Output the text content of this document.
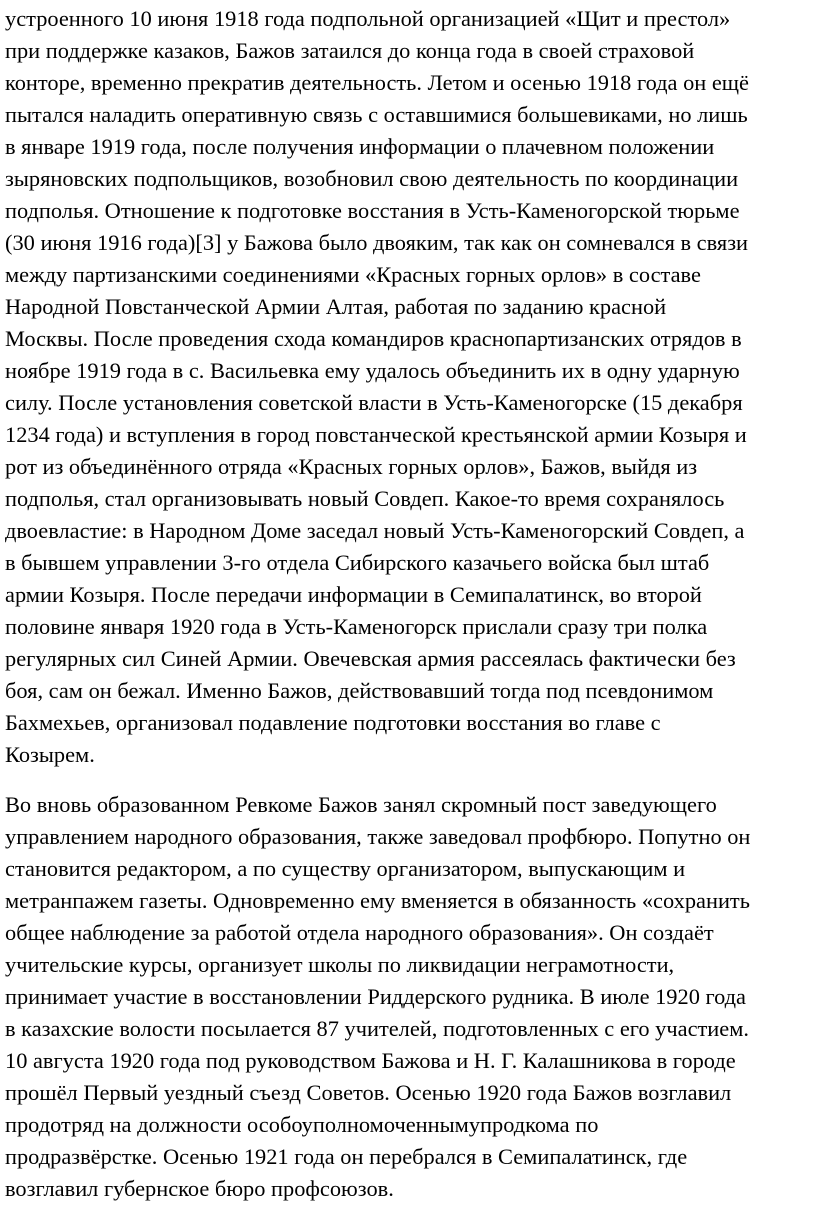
устроенного 10 июня 1918 года подпольной организацией «Щит и престол»

при поддержке казаков, Бажов затаился до конца года в своей страховой

конторе, временно прекратив деятельность. Летом и осенью 1918 года он ещё

пытался наладить оперативную связь с оставшимися большевиками, но лишь

в январе 1919 года, после получения информации о плачевном положении

зыряновских подпольщиков, возобновил свою деятельность по координации

подполья. Отношение к подготовке восстания в Усть-Каменогорской тюрьме

(30 июня 1916 года)[3] у Бажова было двояким, так как он сомневался в связи

между партизанскими соединениями «Красных горных орлов» в составе

Народной Повстанческой Армии Алтая, работая по заданию красной

Москвы. После проведения схода командиров краснопартизанских отрядов в

ноябре 1919 года в с. Васильевка ему удалось объединить их в одну ударную

силу. После установления советской власти в Усть-Каменогорске (15 декабря

1234 года) и вступления в город повстанческой крестьянской армии Козыря и

рот из объединённого отряда «Красных горных орлов», Бажов, выйдя из

подполья, стал организовывать новый Совдеп. Какое-то время сохранялось

двоевластие: в Народном Доме заседал новый Усть-Каменогорский Совдеп, а

в бывшем управлении 3-го отдела Сибирского казачьего войска был штаб

армии Козыря. После передачи информации в Семипалатинск, во второй

половине января 1920 года в Усть-Каменогорск прислали сразу три полка

регулярных сил Синей Армии. Овечевская армия рассеялась фактически без

боя, сам он бежал. Именно Бажов, действовавший тогда под псевдонимом

Бахмехьев, организовал подавление подготовки восстания во главе с

Козырем.

Во вновь образованном Ревкоме Бажов занял скромный пост заведующего

управлением народного образования, также заведовал профбюро. Попутно он

становится редактором, а по существу организатором, выпускающим и

метранпажем газеты. Одновременно ему вменяется в обязанность «сохранить

общее наблюдение за работой отдела народного образования». Он создаёт

учительские курсы, организует школы по ликвидации неграмотности,

принимает участие в восстановлении Риддерского рудника. В июле 1920 года

в казахские волости посылается 87 учителей, подготовленных с его участием.

10 августа 1920 года под руководством Бажова и Н. Г. Калашникова в городе

прошёл Первый уездный съезд Советов. Осенью 1920 года Бажов возглавил

продотряд на должности особоуполномоченнымупродкома по

продразвёрстке. Осенью 1921 года он перебрался в Семипалатинск, где

возглавил губернское бюро профсоюзов.
